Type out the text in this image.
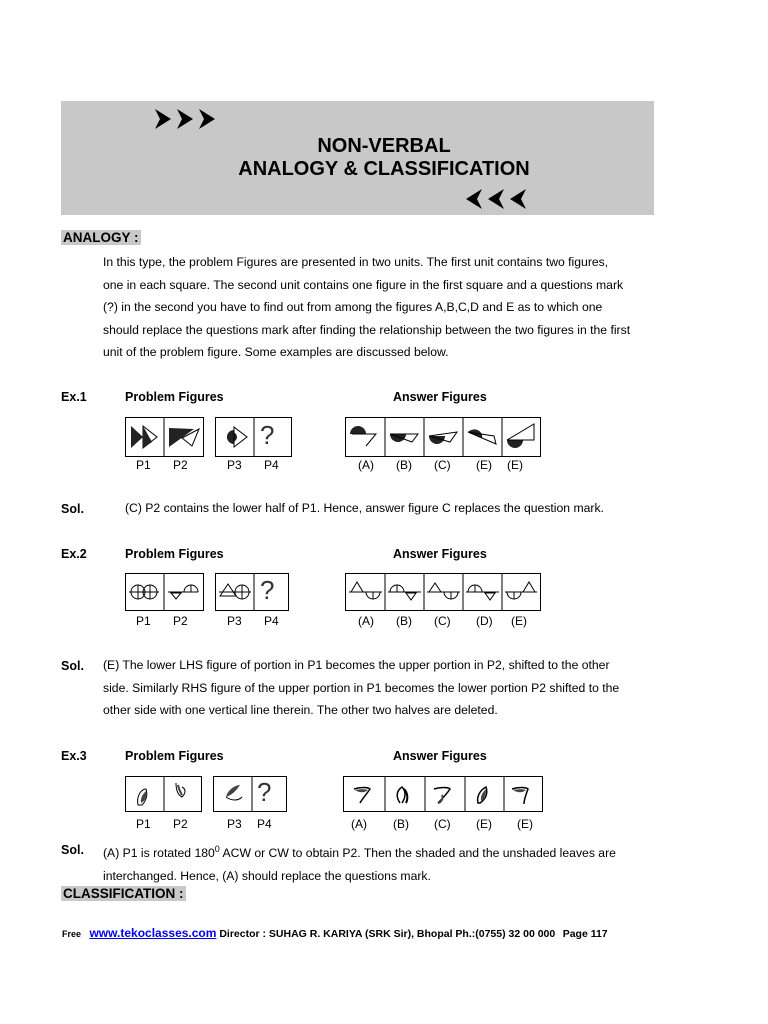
NON-VERBAL
ANALOGY & CLASSIFICATION
ANALOGY :
In this type, the problem Figures are presented in two units. The first unit contains two figures,
one in each square. The second unit contains one figure in the first square and a questions mark
(?) in the second you have to find out from among the figures A,B,C,D and E as to which one
should replace the questions mark after finding the relationship between the two figures in the first
unit of the problem figure. Some examples are discussed below.
Ex.1	Problem Figures	Answer Figures
?
P1 P2	P3 P4	(A) (B) (C) (E) (E)
Sol.	(C) P2 contains the lower half of P1. Hence, answer figure C replaces the question mark.
Ex.2	Problem Figures	Answer Figures
?
P1 P2	P3 P4	(A) (B) (C) (D) (E)
Sol. (E) The lower LHS figure of portion in P1 becomes the upper portion in P2, shifted to the other
side. Similarly RHS figure of the upper portion in P1 becomes the lower portion P2 shifted to the
other side with one vertical line therein. The other two halves are deleted.
Ex.3	Problem Figures	Answer Figures
?
P1 P2	P3 P4	(A) (B) (C) (E) (E)
Sol. (A) P1 is rotated $180^0$ ACW or CW to obtain P2. Then the shaded and the unshaded leaves are
interchanged. Hence, (A) should replace the questions mark.
CLASSIFICATION :
Free www.tekoclasses.com Director : SUHAG R. KARIYA (SRK Sir), Bhopal Ph.:(0755) 32 00 000 Page 117
